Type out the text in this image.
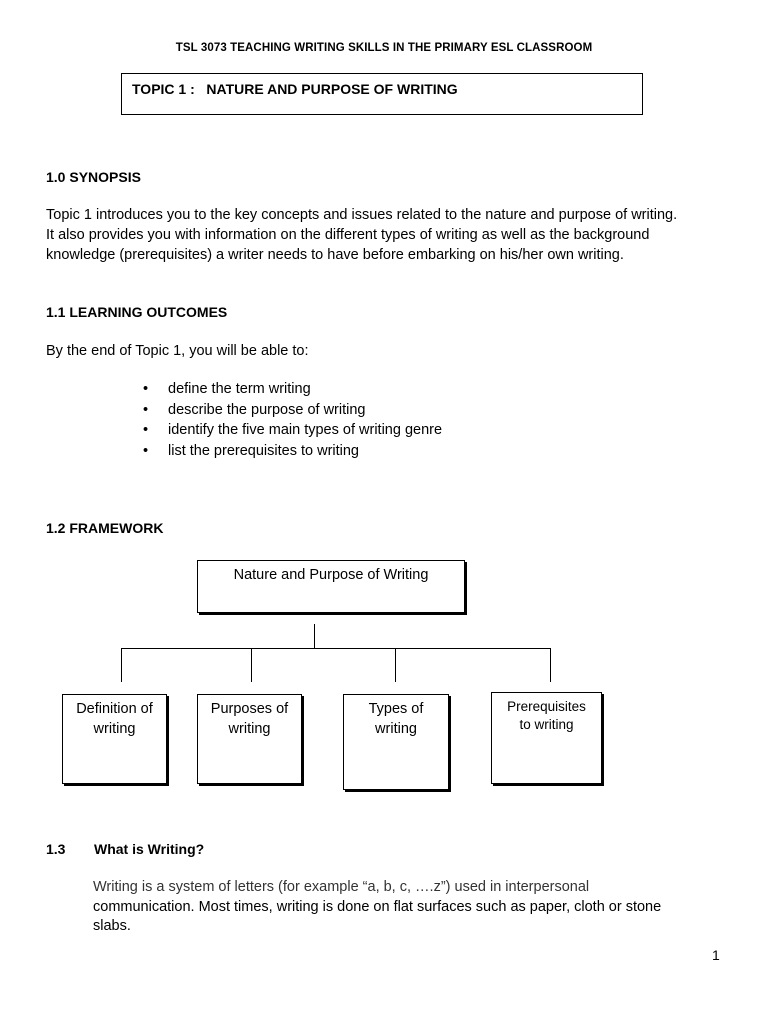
TSL 3073 TEACHING WRITING SKILLS IN THE PRIMARY ESL CLASSROOM
TOPIC 1 :   NATURE AND PURPOSE OF WRITING
1.0 SYNOPSIS
Topic 1 introduces you to the key concepts and issues related to the nature and purpose of writing.
It also provides you with information on the different types of writing as well as the background
knowledge (prerequisites) a writer needs to have before embarking on his/her own writing.
1.1 LEARNING OUTCOMES
By the end of Topic 1, you will be able to:
• define the term writing
• describe the purpose of writing
• identify the five main types of writing genre
• list the prerequisites to writing
1.2 FRAMEWORK
Nature and Purpose of Writing
Definition of
writing
Purposes of
writing
Types of
writing
Prerequisites
to writing
1.3 What is Writing?
Writing is a system of letters (for example “a, b, c, ….z”) used in interpersonal
communication. Most times, writing is done on flat surfaces such as paper, cloth or stone
slabs.
1
